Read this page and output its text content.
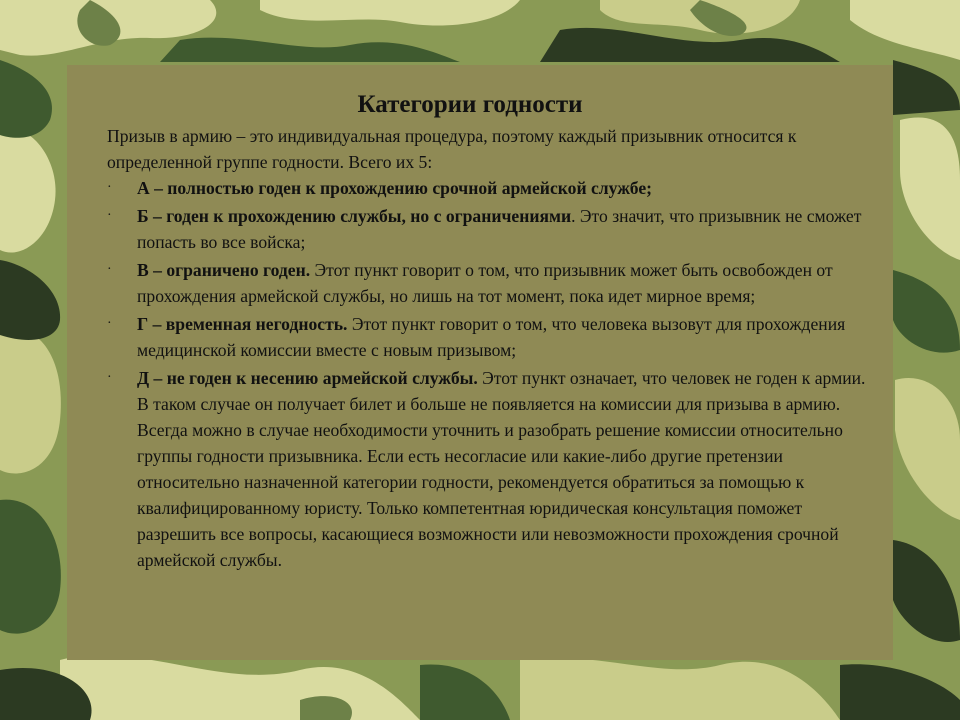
Категории годности

Призыв в армию – это индивидуальная процедура, поэтому каждый призывник относится к определенной группе годности. Всего их 5:

· А – полностью годен к прохождению срочной армейской службе;
· Б – годен к прохождению службы, но с ограничениями. Это значит, что призывник не сможет попасть во все войска;
· В – ограничено годен. Этот пункт говорит о том, что призывник может быть освобожден от прохождения армейской службы, но лишь на тот момент, пока идет мирное время;
· Г – временная негодность. Этот пункт говорит о том, что человека вызовут для прохождения медицинской комиссии вместе с новым призывом;
· Д – не годен к несению армейской службы. Этот пункт означает, что человек не годен к армии. В таком случае он получает билет и больше не появляется на комиссии для призыва в армию. Всегда можно в случае необходимости уточнить и разобрать решение комиссии относительно группы годности призывника. Если есть несогласие или какие-либо другие претензии относительно назначенной категории годности, рекомендуется обратиться за помощью к квалифицированному юристу. Только компетентная юридическая консультация поможет разрешить все вопросы, касающиеся возможности или невозможности прохождения срочной армейской службы.
